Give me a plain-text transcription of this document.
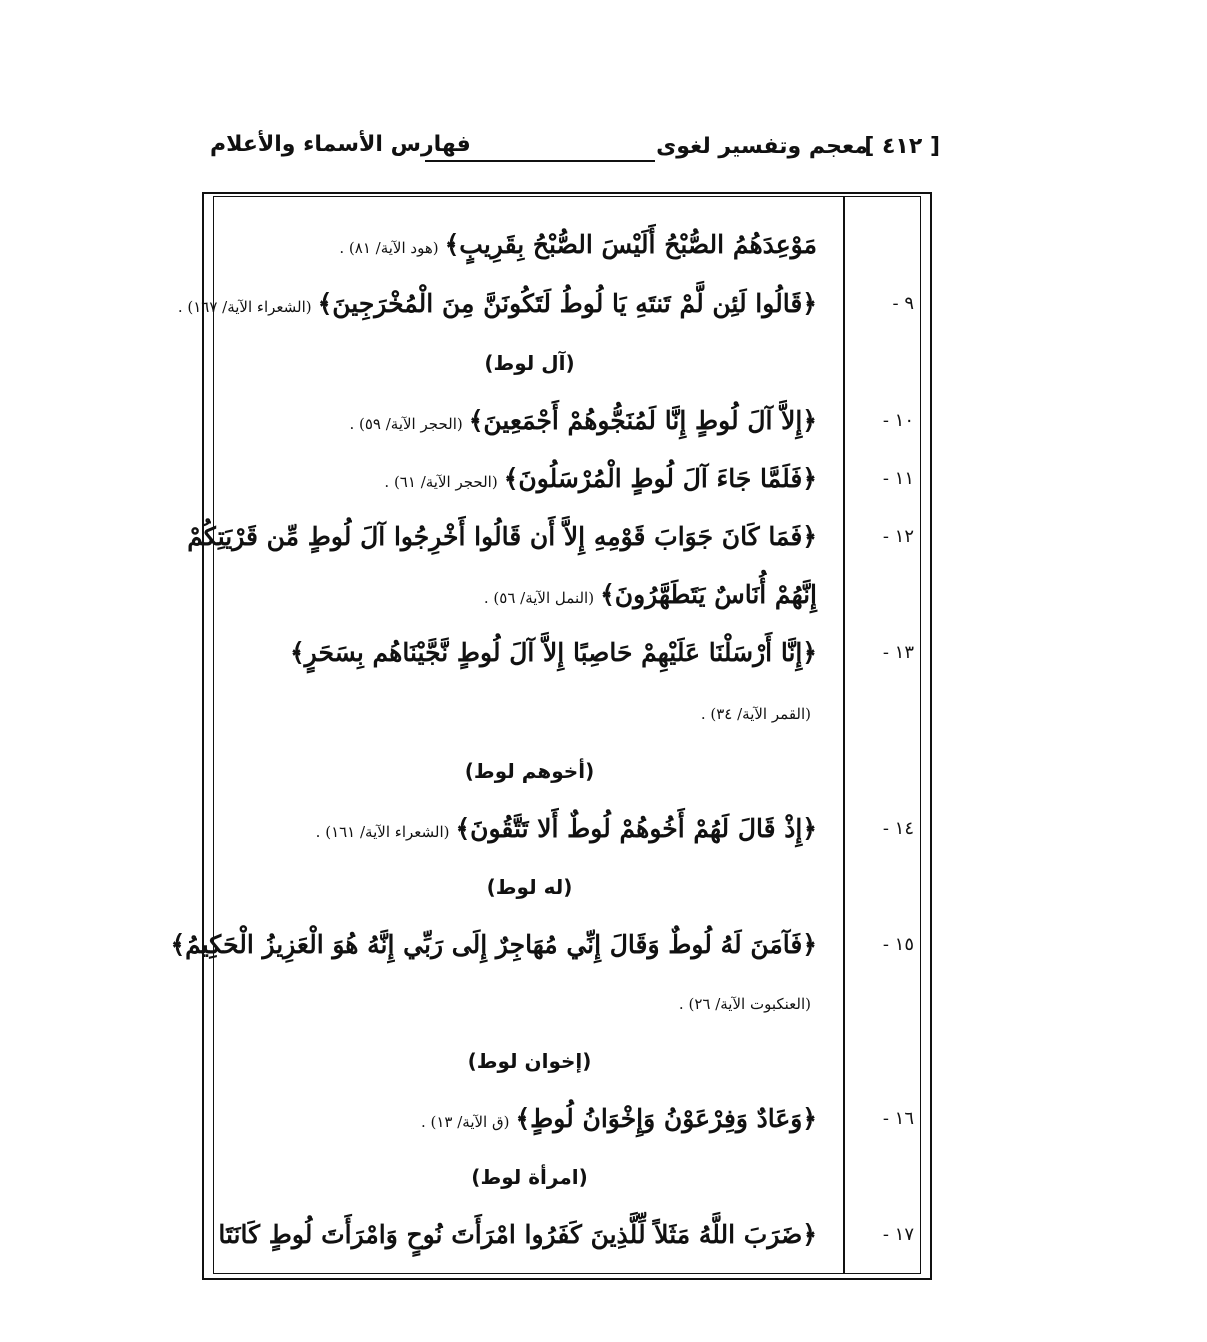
[ ٤١٢ ]
معجم وتفسير لغوى
فهارس الأسماء والأعلام
مَوْعِدَهُمُ الصُّبْحُ أَلَيْسَ الصُّبْحُ بِقَرِيبٍ﴾(هود الآية/ ٨١) .
٩ -
﴿قَالُوا لَئِن لَّمْ تَنتَهِ يَا لُوطُ لَتَكُونَنَّ مِنَ الْمُخْرَجِينَ﴾(الشعراء الآية/ ١٦٧) .
(آل لوط)
١٠ -
﴿إِلاَّ آلَ لُوطٍ إِنَّا لَمُنَجُّوهُمْ أَجْمَعِينَ﴾(الحجر الآية/ ٥٩) .
١١ -
﴿فَلَمَّا جَاءَ آلَ لُوطٍ الْمُرْسَلُونَ﴾(الحجر الآية/ ٦١) .
١٢ -
﴿فَمَا كَانَ جَوَابَ قَوْمِهِ إِلاَّ أَن قَالُوا أَخْرِجُوا آلَ لُوطٍ مِّن قَرْيَتِكُمْ
إِنَّهُمْ أُنَاسٌ يَتَطَهَّرُونَ﴾(النمل الآية/ ٥٦) .
١٣ -
﴿إِنَّا أَرْسَلْنَا عَلَيْهِمْ حَاصِبًا إِلاَّ آلَ لُوطٍ نَّجَّيْنَاهُم بِسَحَرٍ﴾
(القمر الآية/ ٣٤) .
(أخوهم لوط)
١٤ -
﴿إِذْ قَالَ لَهُمْ أَخُوهُمْ لُوطٌ أَلا تَتَّقُونَ﴾(الشعراء الآية/ ١٦١) .
(له لوط)
١٥ -
﴿فَآمَنَ لَهُ لُوطٌ وَقَالَ إِنِّي مُهَاجِرٌ إِلَى رَبِّي إِنَّهُ هُوَ الْعَزِيزُ الْحَكِيمُ﴾
(العنكبوت الآية/ ٢٦) .
(إخوان لوط)
١٦ -
﴿وَعَادٌ وَفِرْعَوْنُ وَإِخْوَانُ لُوطٍ﴾(ق الآية/ ١٣) .
(امرأة لوط)
١٧ -
﴿ضَرَبَ اللَّهُ مَثَلاً لِّلَّذِينَ كَفَرُوا امْرَأَتَ نُوحٍ وَامْرَأَتَ لُوطٍ كَانَتَا
